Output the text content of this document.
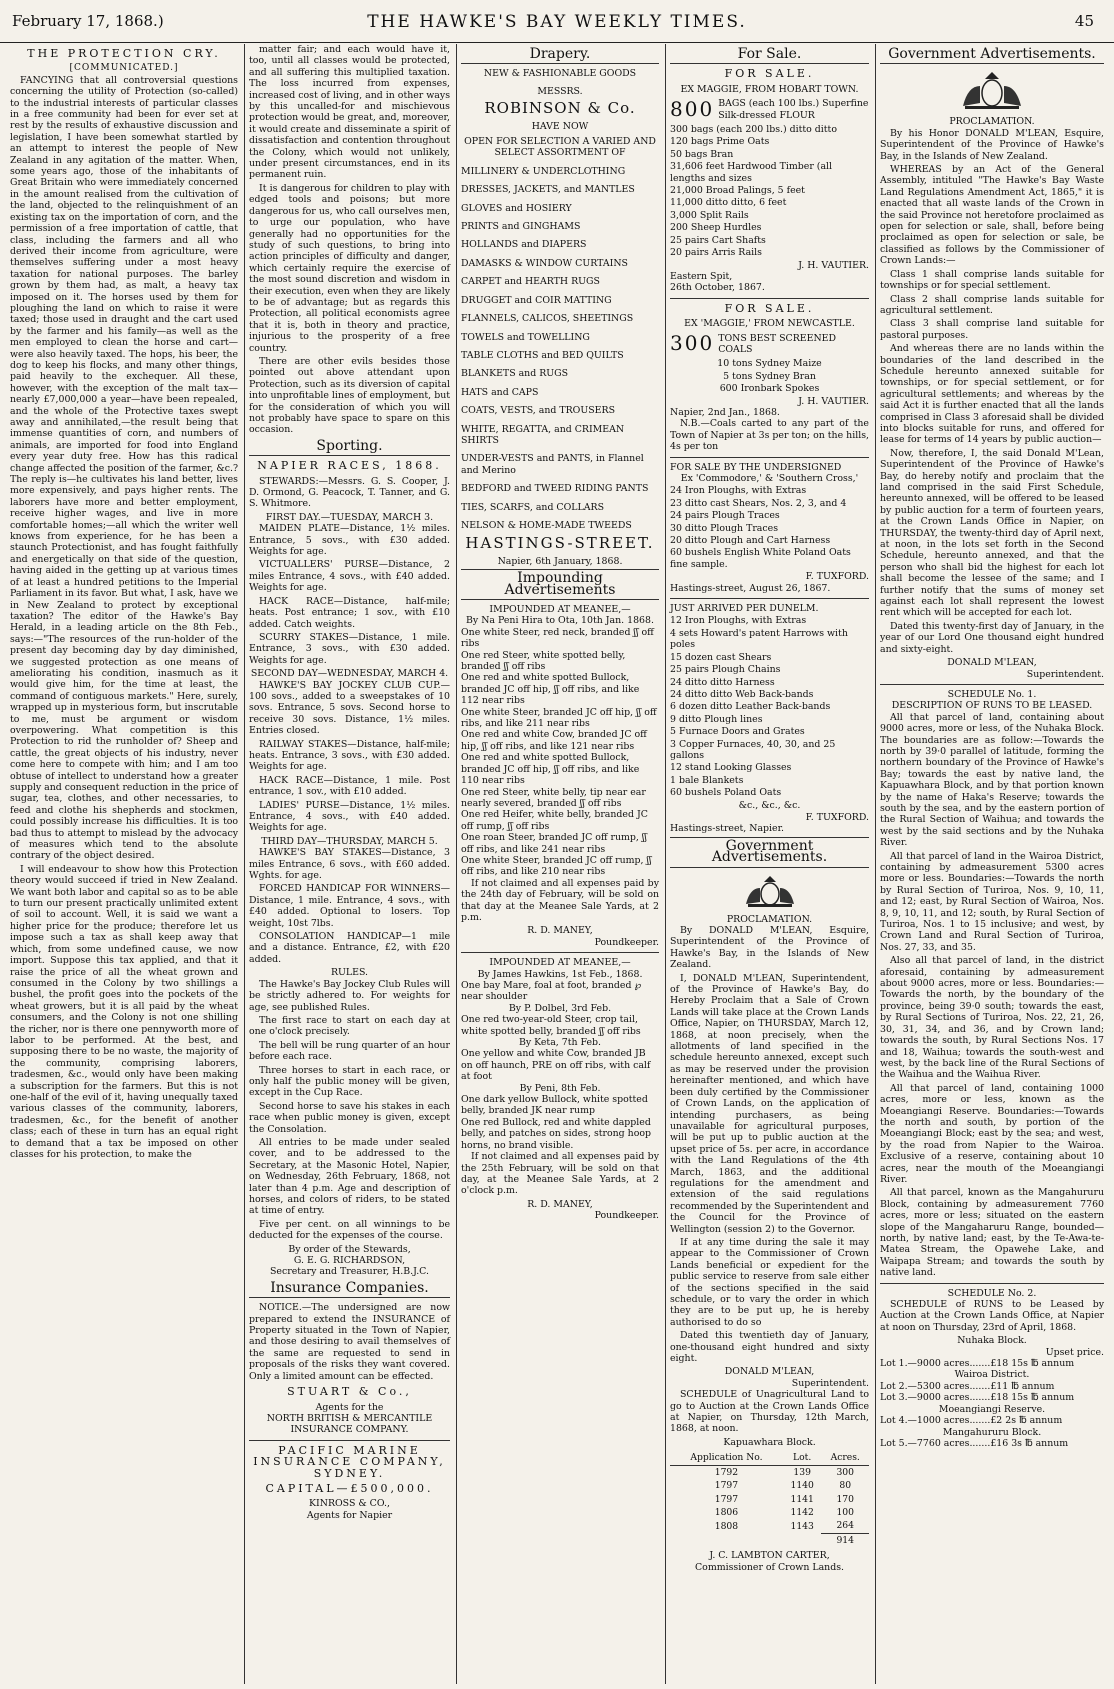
February 17, 1868.)	THE HAWKE'S BAY WEEKLY TIMES.	45
THE PROTECTION CRY.
[COMMUNICATED.]

FANCYING that all controversial questions concerning the utility of Protection (so-called) to the industrial interests of particular classes in a free community had been for ever set at rest by the results of exhaustive discussion and legislation, I have been somewhat startled by an attempt to interest the people of New Zealand in any agitation of the matter. When, some years ago, those of the inhabitants of Great Britain who were immediately concerned in the amount realised from the cultivation of the land, objected to the relinquishment of an existing tax on the importation of corn, and the permission of a free importation of cattle, that class, including the farmers and all who derived their income from agriculture, were themselves suffering under a most heavy taxation for national purposes. The barley grown by them had, as malt, a heavy tax imposed on it. The horses used by them for ploughing the land on which to raise it were taxed; those used in draught and the cart used by the farmer and his family—as well as the men employed to clean the horse and cart—were also heavily taxed. The hops, his beer, the dog to keep his flocks, and many other things, paid heavily to the exchequer. All these, however, with the exception of the malt tax—nearly £7,000,000 a year—have been repealed, and the whole of the Protective taxes swept away and annihilated,—the result being that immense quantities of corn, and numbers of animals, are imported for food into England every year duty free. How has this radical change affected the position of the farmer, &c.? The reply is—he cultivates his land better, lives more expensively, and pays higher rents. The laborers have more and better employment, receive higher wages, and live in more comfortable homes;—all which the writer well knows from experience, for he has been a staunch Protectionist, and has fought faithfully and energetically on that side of the question, having aided in the getting up at various times of at least a hundred petitions to the Imperial Parliament in its favor. But what, I ask, have we in New Zealand to protect by exceptional taxation? The editor of the Hawke's Bay Herald, in a leading article on the 8th Feb., says:—"The resources of the run-holder of the present day becoming day by day diminished, we suggested protection as one means of ameliorating his condition, inasmuch as it would give him, for the time at least, the command of contiguous markets." Here, surely, wrapped up in mysterious form, but inscrutable to me, must be argument or wisdom overpowering. What competition is this Protection to rid the runholder of? Sheep and cattle, the great objects of his industry, never come here to compete with him; and I am too obtuse of intellect to understand how a greater supply and consequent reduction in the price of sugar, tea, clothes, and other necessaries, to feed and clothe his shepherds and stockmen, could possibly increase his difficulties. It is too bad thus to attempt to mislead by the advocacy of measures which tend to the absolute contrary of the object desired.

I will endeavour to show how this Protection theory would succeed if tried in New Zealand. We want both labor and capital so as to be able to turn our present practically unlimited extent of soil to account. Well, it is said we want a higher price for the produce; therefore let us impose such a tax as shall keep away that which, from some undefined cause, we now import. Suppose this tax applied, and that it raise the price of all the wheat grown and consumed in the Colony by two shillings a bushel, the profit goes into the pockets of the wheat growers, but it is all paid by the wheat consumers, and the Colony is not one shilling the richer, nor is there one pennyworth more of labor to be performed. At the best, and supposing there to be no waste, the majority of the community, comprising laborers, tradesmen, &c., would only have been making a subscription for the farmers. But this is not one-half of the evil of it, having unequally taxed various classes of the community, laborers, tradesmen, &c., for the benefit of another class; each of these in turn has an equal right to demand that a tax be imposed on other classes for his protection, to make the

matter fair; and each would have it, too, until all classes would be protected, and all suffering this multiplied taxation. The loss incurred from expenses, increased cost of living, and in other ways by this uncalled-for and mischievous protection would be great, and, moreover, it would create and disseminate a spirit of dissatisfaction and contention throughout the Colony, which would not unlikely, under present circumstances, end in its permanent ruin.

It is dangerous for children to play with edged tools and poisons; but more dangerous for us, who call ourselves men, to urge our population, who have generally had no opportunities for the study of such questions, to bring into action principles of difficulty and danger, which certainly require the exercise of the most sound discretion and wisdom in their execution, even when they are likely to be of advantage; but as regards this Protection, all political economists agree that it is, both in theory and practice, injurious to the prosperity of a free country.

There are other evils besides those pointed out above attendant upon Protection, such as its diversion of capital into unprofitable lines of employment, but for the consideration of which you will not probably have space to spare on this occasion.

Sporting.
NAPIER RACES, 1868.

STEWARDS:—Messrs. G. S. Cooper, J. D. Ormond, G. Peacock, T. Tanner, and G. S. Whitmore.

FIRST DAY.—TUESDAY, MARCH 3.

MAIDEN PLATE—Distance, 1½ miles. Entrance, 5 sovs., with £30 added. Weights for age.

VICTUALLERS' PURSE—Distance, 2 miles Entrance, 4 sovs., with £40 added. Weights for age.

HACK RACE—Distance, half-mile; heats. Post entrance; 1 sov., with £10 added. Catch weights.

SCURRY STAKES—Distance, 1 mile. Entrance, 3 sovs., with £30 added. Weights for age.

SECOND DAY—WEDNESDAY, MARCH 4.

HAWKE'S BAY JOCKEY CLUB CUP.—100 sovs., added to a sweepstakes of 10 sovs. Entrance, 5 sovs. Second horse to receive 30 sovs. Distance, 1½ miles. Entries closed.

RAILWAY STAKES—Distance, half-mile; heats. Entrance, 3 sovs., with £30 added. Weights for age.

HACK RACE—Distance, 1 mile. Post entrance, 1 sov., with £10 added.

LADIES' PURSE—Distance, 1½ miles. Entrance, 4 sovs., with £40 added. Weights for age.

THIRD DAY—THURSDAY, MARCH 5.

HAWKE'S BAY STAKES—Distance, 3 miles Entrance, 6 sovs., with £60 added. Wghts. for age.

FORCED HANDICAP FOR WINNERS—Distance, 1 mile. Entrance, 4 sovs., with £40 added. Optional to losers. Top weight, 10st 7lbs.

CONSOLATION HANDICAP—1 mile and a distance. Entrance, £2, with £20 added.

RULES.

The Hawke's Bay Jockey Club Rules will be strictly adhered to. For weights for age, see published Rules.

The first race to start on each day at one o'clock precisely.

The bell will be rung quarter of an hour before each race.

Three horses to start in each race, or only half the public money will be given, except in the Cup Race.

Second horse to save his stakes in each race when public money is given, except the Consolation.

All entries to be made under sealed cover, and to be addressed to the Secretary, at the Masonic Hotel, Napier, on Wednesday, 26th February, 1868, not later than 4 p.m. Age and description of horses, and colors of riders, to be stated at time of entry.

Five per cent. on all winnings to be deducted for the expenses of the course.

By order of the Stewards,
G. E. G. RICHARDSON,
Secretary and Treasurer, H.B.J.C.
Insurance Companies.

NOTICE.—The undersigned are now prepared to extend the INSURANCE of Property situated in the Town of Napier, and those desiring to avail themselves of the same are requested to send in proposals of the risks they want covered. Only a limited amount can be effected.

STUART & Co.,
Agents for the
NORTH BRITISH & MERCANTILE INSURANCE COMPANY.
PACIFIC MARINE INSURANCE COMPANY, SYDNEY.
CAPITAL—£500,000.
KINROSS & CO.,
Agents for Napier
Drapery.
NEW & FASHIONABLE GOODS
MESSRS.
ROBINSON & Co.
HAVE NOW
OPEN FOR SELECTION A VARIED AND SELECT ASSORTMENT OF
MILLINERY & UNDERCLOTHING
DRESSES, JACKETS, and MANTLES
GLOVES and HOSIERY
PRINTS and GINGHAMS
HOLLANDS and DIAPERS
DAMASKS & WINDOW CURTAINS
CARPET and HEARTH RUGS
DRUGGET and COIR MATTING
FLANNELS, CALICOS, SHEETINGS
TOWELS and TOWELLING
TABLE CLOTHS and BED QUILTS
BLANKETS and RUGS
HATS and CAPS
COATS, VESTS, and TROUSERS
WHITE, REGATTA, and CRIMEAN SHIRTS
UNDER-VESTS and PANTS, in Flannel and Merino
BEDFORD and TWEED RIDING PANTS
TIES, SCARFS, and COLLARS
NELSON & HOME-MADE TWEEDS
HASTINGS-STREET.
Napier, 6th January, 1868.
Impounding Advertisements
IMPOUNDED AT MEANEE,—
By Na Peni Hira to Ota, 10th Jan. 1868.
One white Steer, red neck, branded ʃʃ off ribs
One red Steer, white spotted belly, branded ʃʃ off ribs
One red and white spotted Bullock, branded JC off hip, ʃʃ off ribs, and like 112 near ribs
One white Steer, branded JC off hip, ʃʃ off ribs, and like 211 near ribs
One red and white Cow, branded JC off hip, ʃʃ off ribs, and like 121 near ribs
One red and white spotted Bullock, branded JC off hip, ʃʃ off ribs, and like 110 near ribs
One red Steer, white belly, tip near ear nearly severed, branded ʃʃ off ribs
One red Heifer, white belly, branded JC off rump, ʃʃ off ribs
One roan Steer, branded JC off rump, ʃʃ off ribs, and like 241 near ribs
One white Steer, branded JC off rump, ʃʃ off ribs, and like 210 near ribs

If not claimed and all expenses paid by the 24th day of February, will be sold on that day at the Meanee Sale Yards, at 2 p.m.

R. D. MANEY,
Poundkeeper.
IMPOUNDED AT MEANEE,—
By James Hawkins, 1st Feb., 1868.
One bay Mare, foal at foot, branded ℘ near shoulder
By P. Dolbel, 3rd Feb.
One red two-year-old Steer, crop tail, white spotted belly, branded ʃʃ off ribs
By Keta, 7th Feb.
One yellow and white Cow, branded JB on off haunch, PRE on off ribs, with calf at foot
By Peni, 8th Feb.
One dark yellow Bullock, white spotted belly, branded JK near rump
One red Bullock, red and white dappled belly, and patches on sides, strong hoop horns, no brand visible.

If not claimed and all expenses paid by the 25th February, will be sold on that day, at the Meanee Sale Yards, at 2 o'clock p.m.

R. D. MANEY,
Poundkeeper.
For Sale.
FOR SALE.
EX MAGGIE, FROM HOBART TOWN.
800 BAGS (each 100 lbs.) Superfine Silk-dressed FLOUR
300 bags (each 200 lbs.) ditto ditto
120 bags Prime Oats
50 bags Bran
31,606 feet Hardwood Timber (all lengths and sizes
21,000 Broad Palings, 5 feet
11,000 ditto ditto, 6 feet
3,000 Split Rails
200 Sheep Hurdles
25 pairs Cart Shafts
20 pairs Arris Rails
J. H. VAUTIER.
Eastern Spit,
26th October, 1867.
FOR SALE.
EX 'MAGGIE,' FROM NEWCASTLE.
300 TONS BEST SCREENED COALS
10 tons Sydney Maize
5 tons Sydney Bran
600 Ironbark Spokes
J. H. VAUTIER.
Napier, 2nd Jan., 1868.

N.B.—Coals carted to any part of the Town of Napier at 3s per ton; on the hills, 4s per ton

FOR SALE BY THE UNDERSIGNED
Ex 'Commodore,' & 'Southern Cross,'
24 Iron Ploughs, with Extras
23 ditto cast Shears, Nos. 2, 3, and 4
24 pairs Plough Traces
30 ditto Plough Traces
20 ditto Plough and Cart Harness
60 bushels English White Poland Oats fine sample.
F. TUXFORD.
Hastings-street, August 26, 1867.
JUST ARRIVED PER DUNELM.
12 Iron Ploughs, with Extras
4 sets Howard's patent Harrows with poles
15 dozen cast Shears
25 pairs Plough Chains
24 ditto ditto Harness
24 ditto ditto Web Back-bands
6 dozen ditto Leather Back-bands
9 ditto Plough lines
5 Furnace Doors and Grates
3 Copper Furnaces, 40, 30, and 25 gallons
12 stand Looking Glasses
1 bale Blankets
60 bushels Poland Oats
&c., &c., &c.
F. TUXFORD.
Hastings-street, Napier.
Government Advertisements.
PROCLAMATION.

By DONALD M'LEAN, Esquire, Superintendent of the Province of Hawke's Bay, in the Islands of New Zealand.

I, DONALD M'LEAN, Superintendent, of the Province of Hawke's Bay, do Hereby Proclaim that a Sale of Crown Lands will take place at the Crown Lands Office, Napier, on THURSDAY, March 12, 1868, at noon precisely, when the allotments of land specified in the schedule hereunto annexed, except such as may be reserved under the provision hereinafter mentioned, and which have been duly certified by the Commissioner of Crown Lands, on the application of intending purchasers, as being unavailable for agricultural purposes, will be put up to public auction at the upset price of 5s. per acre, in accordance with the Land Regulations of the 4th March, 1863, and the additional regulations for the amendment and extension of the said regulations recommended by the Superintendent and the Council for the Province of Wellington (session 2) to the Governor.

If at any time during the sale it may appear to the Commissioner of Crown Lands beneficial or expedient for the public service to reserve from sale either of the sections specified in the said schedule, or to vary the order in which they are to be put up, he is hereby authorised to do so

Dated this twentieth day of January, one-thousand eight hundred and sixty eight.

DONALD M'LEAN,
Superintendent.

SCHEDULE of Unagricultural Land to go to Auction at the Crown Lands Office at Napier, on Thursday, 12th March, 1868, at noon.

Kapuawhara Block.
Application No.	Lot.	Acres.
1792	139	300
1797	1140	80
1797	1141	170
1806	1142	100
1808	1143	264
		914
J. C. LAMBTON CARTER,
Commissioner of Crown Lands.
Government Advertisements.
PROCLAMATION.

By his Honor DONALD M'LEAN, Esquire, Superintendent of the Province of Hawke's Bay, in the Islands of New Zealand.

WHEREAS by an Act of the General Assembly, intituled "The Hawke's Bay Waste Land Regulations Amendment Act, 1865," it is enacted that all waste lands of the Crown in the said Province not heretofore proclaimed as open for selection or sale, shall, before being proclaimed as open for selection or sale, be classified as follows by the Commissioner of Crown Lands:—

Class 1 shall comprise lands suitable for townships or for special settlement.

Class 2 shall comprise lands suitable for agricultural settlement.

Class 3 shall comprise land suitable for pastoral purposes.

And whereas there are no lands within the boundaries of the land described in the Schedule hereunto annexed suitable for townships, or for special settlement, or for agricultural settlements; and whereas by the said Act it is further enacted that all the lands comprised in Class 3 aforesaid shall be divided into blocks suitable for runs, and offered for lease for terms of 14 years by public auction—

Now, therefore, I, the said Donald M'Lean, Superintendent of the Province of Hawke's Bay, do hereby notify and proclaim that the land comprised in the said First Schedule, hereunto annexed, will be offered to be leased by public auction for a term of fourteen years, at the Crown Lands Office in Napier, on THURSDAY, the twenty-third day of April next, at noon, in the lots set forth in the Second Schedule, hereunto annexed, and that the person who shall bid the highest for each lot shall become the lessee of the same; and I further notify that the sums of money set against each lot shall represent the lowest rent which will be accepted for each lot.

Dated this twenty-first day of January, in the year of our Lord One thousand eight hundred and sixty-eight.

DONALD M'LEAN,
Superintendent.
SCHEDULE No. 1.
DESCRIPTION OF RUNS TO BE LEASED.

All that parcel of land, containing about 9000 acres, more or less, of the Nuhaka Block. The boundaries are as follow:—Towards the north by 39·0 parallel of latitude, forming the northern boundary of the Province of Hawke's Bay; towards the east by native land, the Kapuawhara Block, and by that portion known by the name of Haka's Reserve; towards the south by the sea, and by the eastern portion of the Rural Section of Waihua; and towards the west by the said sections and by the Nuhaka River.

All that parcel of land in the Wairoa District, containing by admeasurement 5300 acres more or less. Boundaries:—Towards the north by Rural Section of Turiroa, Nos. 9, 10, 11, and 12; east, by Rural Section of Wairoa, Nos. 8, 9, 10, 11, and 12; south, by Rural Section of Turiroa, Nos. 1 to 15 inclusive; and west, by Crown Land and Rural Section of Turiroa, Nos. 27, 33, and 35.

Also all that parcel of land, in the district aforesaid, containing by admeasurement about 9000 acres, more or less. Boundaries:—Towards the north, by the boundary of the province, being 39·0 south; towards the east, by Rural Sections of Turiroa, Nos. 22, 21, 26, 30, 31, 34, and 36, and by Crown land; towards the south, by Rural Sections Nos. 17 and 18, Waihua; towards the south-west and west, by the back line of the Rural Sections of the Waihua and the Waihua River.

All that parcel of land, containing 1000 acres, more or less, known as the Moeangiangi Reserve. Boundaries:—Towards the north and south, by portion of the Moeangiangi Block; east by the sea; and west, by the road from Napier to the Wairoa. Exclusive of a reserve, containing about 10 acres, near the mouth of the Moeangiangi River.

All that parcel, known as the Mangahururu Block, containing by admeasurement 7760 acres, more or less; situated on the eastern slope of the Mangaharuru Range, bounded—north, by native land; east, by the Te-Awa-te-Matea Stream, the Opawehe Lake, and Waipapa Stream; and towards the south by native land.

SCHEDULE No. 2.

SCHEDULE of RUNS to be Leased by Auction at the Crown Lands Office, at Napier at noon on Thursday, 23rd of April, 1868.

Nuhaka Block.
Upset price.
Lot 1.—9000 acres.......£18 15s ℔ annum
Wairoa District.
Lot 2.—5300 acres.......£11 ℔ annum
Lot 3.—9000 acres.......£18 15s ℔ annum
Moeangiangi Reserve.
Lot 4.—1000 acres.......£2 2s ℔ annum
Mangahururu Block.
Lot 5.—7760 acres.......£16 3s ℔ annum
